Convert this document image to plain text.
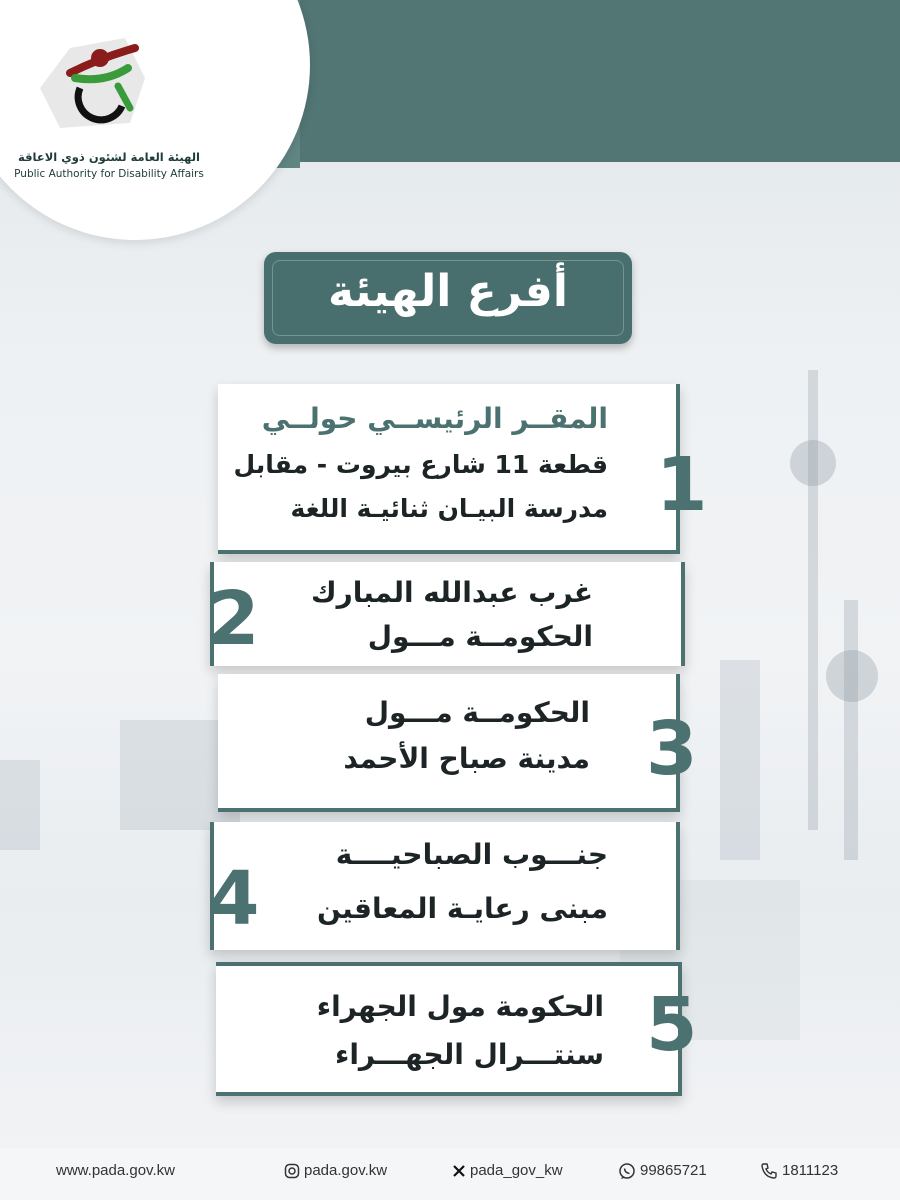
الهيئة العامة لشئون ذوي الاعاقة
Public Authority for Disability Affairs
أفرع الهيئة
المقــر الرئيســي حولــي
قطعة 11 شارع بيروت - مقابل
مدرسة البيـان ثنائيـة اللغة 1
غرب عبدالله المبارك
الحكومــة مـــول
2
الحكومــة مـــول
مدينة صباح الأحمد 3
جنـــوب الصباحيــــة
مبنى رعايـة المعاقين
4
الحكومة مول الجهراء
سنتـــرال الجهـــراء 5
www.pada.gov.kw	pada.gov.kw	pada_gov_kw	99865721	1811123
